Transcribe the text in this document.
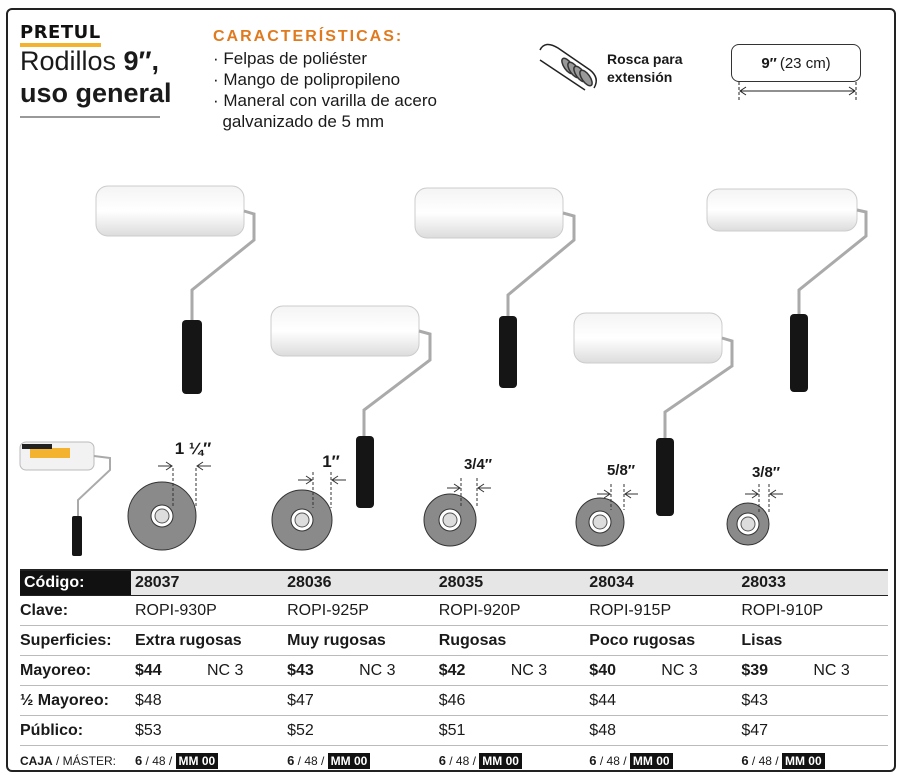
PRETUL
Rodillos 9″,
uso general
CARACTERÍSTICAS:
· Felpas de poliéster
· Mango de polipropileno
· Maneral con varilla de acero
galvanizado de 5 mm
Rosca para
extensión
9″ (23 cm)
1 ¼″
1″	3/4″	5/8″	3/8″
Código:	28037	28036	28035	28034	28033
Clave:	ROPI-930P	ROPI-925P	ROPI-920P	ROPI-915P	ROPI-910P
Superficies:	Extra rugosas	Muy rugosas	Rugosas	Poco rugosas	Lisas
Mayoreo:	$44 NC 3	$43 NC 3	$42 NC 3	$40 NC 3	$39 NC 3

½ Mayoreo:	$48	$47	$46	$44	$43
Público:	$53	$52	$51	$48	$47
CAJA / MÁSTER:	6 / 48 / MM 00	6 / 48 / MM 00	6 / 48 / MM 00	6 / 48 / MM 00	6 / 48 / MM 00
